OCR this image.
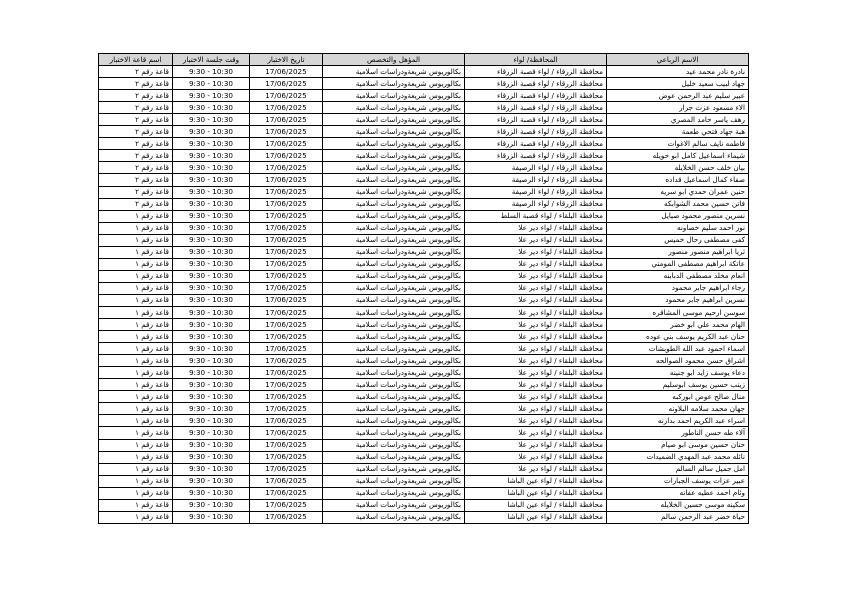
الاسم الرباعي	المحافظة/ لواء	المؤهل والتخصص	تاريخ الاختبار	وقت جلسة الاختبار	اسم قاعة الاختبار
نادرة نادر محمد عيد	محافظة الزرقاء / لواء قصبة الزرقاء	بكالوريوس شريعةودراسات اسلامية	17/06/2025	9:30 - 10:30	قاعة رقم ٢
جهاد لبيب سعيد خليل	محافظة الزرقاء / لواء قصبة الزرقاء	بكالوريوس شريعةودراسات اسلامية	17/06/2025	9:30 - 10:30	قاعة رقم ٢
عبير سليم عبد الرحمن عوض	محافظة الزرقاء / لواء قصبة الزرقاء	بكالوريوس شريعةودراسات اسلامية	17/06/2025	9:30 - 10:30	قاعة رقم ٢
الاء مسعود عزت جرار	محافظة الزرقاء / لواء قصبة الزرقاء	بكالوريوس شريعةودراسات اسلامية	17/06/2025	9:30 - 10:30	قاعة رقم ٢
رهف ياسر حامد المصري	محافظة الزرقاء / لواء قصبة الزرقاء	بكالوريوس شريعةودراسات اسلامية	17/06/2025	9:30 - 10:30	قاعة رقم ٢
هبة جهاد فتحي طعمة	محافظة الزرقاء / لواء قصبة الزرقاء	بكالوريوس شريعةودراسات اسلامية	17/06/2025	9:30 - 10:30	قاعة رقم ٢
فاطمه نايف سالم الاغوات	محافظة الزرقاء / لواء قصبة الزرقاء	بكالوريوس شريعةودراسات اسلامية	17/06/2025	9:30 - 10:30	قاعة رقم ٢
شيماء اسماعيل كامل ابو حويله	محافظة الزرقاء / لواء قصبة الزرقاء	بكالوريوس شريعةودراسات اسلامية	17/06/2025	9:30 - 10:30	قاعة رقم ٢
بيان خلف حسن الخلايله	محافظة الزرقاء / لواء الرصيفة	بكالوريوس شريعةودراسات اسلامية	17/06/2025	9:30 - 10:30	قاعة رقم ٢
صفاء كمال اسماعيل قداده	محافظة الزرقاء / لواء الرصيفة	بكالوريوس شريعةودراسات اسلامية	17/06/2025	9:30 - 10:30	قاعة رقم ٢
حنين عمران حمدي ابو سريه	محافظة الزرقاء / لواء الرصيفة	بكالوريوس شريعةودراسات اسلامية	17/06/2025	9:30 - 10:30	قاعة رقم ٢
فاتن حسين محمد الشوابكه	محافظة الزرقاء / لواء الرصيفة	بكالوريوس شريعةودراسات اسلامية	17/06/2025	9:30 - 10:30	قاعة رقم ٢
نسرين منصور محمود صيايل	محافظة البلقاء / لواء قصبة السلط	بكالوريوس شريعةودراسات اسلامية	17/06/2025	9:30 - 10:30	قاعة رقم ١
نور احمد سليم خصاونه	محافظة البلقاء / لواء دير علا	بكالوريوس شريعةودراسات اسلامية	17/06/2025	9:30 - 10:30	قاعة رقم ١
كفى مصطفى رحال خميس	محافظة البلقاء / لواء دير علا	بكالوريوس شريعةودراسات اسلامية	17/06/2025	9:30 - 10:30	قاعة رقم ١
ثريا ابراهيم منصور منصور	محافظة البلقاء / لواء دير علا	بكالوريوس شريعةودراسات اسلامية	17/06/2025	9:30 - 10:30	قاعة رقم ١
عاتكة ابراهيم مصطفى المومني	محافظة البلقاء / لواء دير علا	بكالوريوس شريعةودراسات اسلامية	17/06/2025	9:30 - 10:30	قاعة رقم ١
انعام مخلد مصطفى الدبابنه	محافظة البلقاء / لواء دير علا	بكالوريوس شريعةودراسات اسلامية	17/06/2025	9:30 - 10:30	قاعة رقم ١
رجاء ابراهيم جابر محمود	محافظة البلقاء / لواء دير علا	بكالوريوس شريعةودراسات اسلامية	17/06/2025	9:30 - 10:30	قاعة رقم ١
نسرين ابراهيم جابر محمود	محافظة البلقاء / لواء دير علا	بكالوريوس شريعةودراسات اسلامية	17/06/2025	9:30 - 10:30	قاعة رقم ١
سوسن ارحيم موسى المشاقره	محافظة البلقاء / لواء دير علا	بكالوريوس شريعةودراسات اسلامية	17/06/2025	9:30 - 10:30	قاعة رقم ١
الهام محمد علي ابو خضر	محافظة البلقاء / لواء دير علا	بكالوريوس شريعةودراسات اسلامية	17/06/2025	9:30 - 10:30	قاعة رقم ١
حنان عبد الكريم يوسف بني عوده	محافظة البلقاء / لواء دير علا	بكالوريوس شريعةودراسات اسلامية	17/06/2025	9:30 - 10:30	قاعة رقم ١
اسماء احمود عبد الله الطوبشات	محافظة البلقاء / لواء دير علا	بكالوريوس شريعةودراسات اسلامية	17/06/2025	9:30 - 10:30	قاعة رقم ١
اشراق حسن محمود الصوالحه	محافظة البلقاء / لواء دير علا	بكالوريوس شريعةودراسات اسلامية	17/06/2025	9:30 - 10:30	قاعة رقم ١
دعاء يوسف زايد ابو جنينه	محافظة البلقاء / لواء دير علا	بكالوريوس شريعةودراسات اسلامية	17/06/2025	9:30 - 10:30	قاعة رقم ١
زينب حسين يوسف ابوسليم	محافظة البلقاء / لواء دير علا	بكالوريوس شريعةودراسات اسلامية	17/06/2025	9:30 - 10:30	قاعة رقم ١
منال صالح عوض ابوركبه	محافظة البلقاء / لواء دير علا	بكالوريوس شريعةودراسات اسلامية	17/06/2025	9:30 - 10:30	قاعة رقم ١
جهان محمد سلامه البلاونه	محافظة البلقاء / لواء دير علا	بكالوريوس شريعةودراسات اسلامية	17/06/2025	9:30 - 10:30	قاعة رقم ١
اسراء عبد الكريم احمد بدارنه	محافظة البلقاء / لواء دير علا	بكالوريوس شريعةودراسات اسلامية	17/06/2025	9:30 - 10:30	قاعة رقم ١
آلاء طه حسن الناطور	محافظة البلقاء / لواء دير علا	بكالوريوس شريعةودراسات اسلامية	17/06/2025	9:30 - 10:30	قاعة رقم ١
حنان حسين موسى ابو صيام	محافظة البلقاء / لواء دير علا	بكالوريوس شريعةودراسات اسلامية	17/06/2025	9:30 - 10:30	قاعة رقم ١
نائله محمد عبد المهدي الضميدات	محافظة البلقاء / لواء دير علا	بكالوريوس شريعةودراسات اسلامية	17/06/2025	9:30 - 10:30	قاعة رقم ١
امل جميل سالم السالم	محافظة البلقاء / لواء دير علا	بكالوريوس شريعةودراسات اسلامية	17/06/2025	9:30 - 10:30	قاعة رقم ١
عبير عزات يوسف الجبارات	محافظة البلقاء / لواء عين الباشا	بكالوريوس شريعةودراسات اسلامية	17/06/2025	9:30 - 10:30	قاعة رقم ١
وئام احمد عطيه عفانه	محافظة البلقاء / لواء عين الباشا	بكالوريوس شريعةودراسات اسلامية	17/06/2025	9:30 - 10:30	قاعة رقم ١
سكينه موسى حسين الخلايله	محافظة البلقاء / لواء عين الباشا	بكالوريوس شريعةودراسات اسلامية	17/06/2025	9:30 - 10:30	قاعة رقم ١
حياة خضر عبد الرحمن سالم	محافظة البلقاء / لواء عين الباشا	بكالوريوس شريعةودراسات اسلامية	17/06/2025	9:30 - 10:30	قاعة رقم ١
